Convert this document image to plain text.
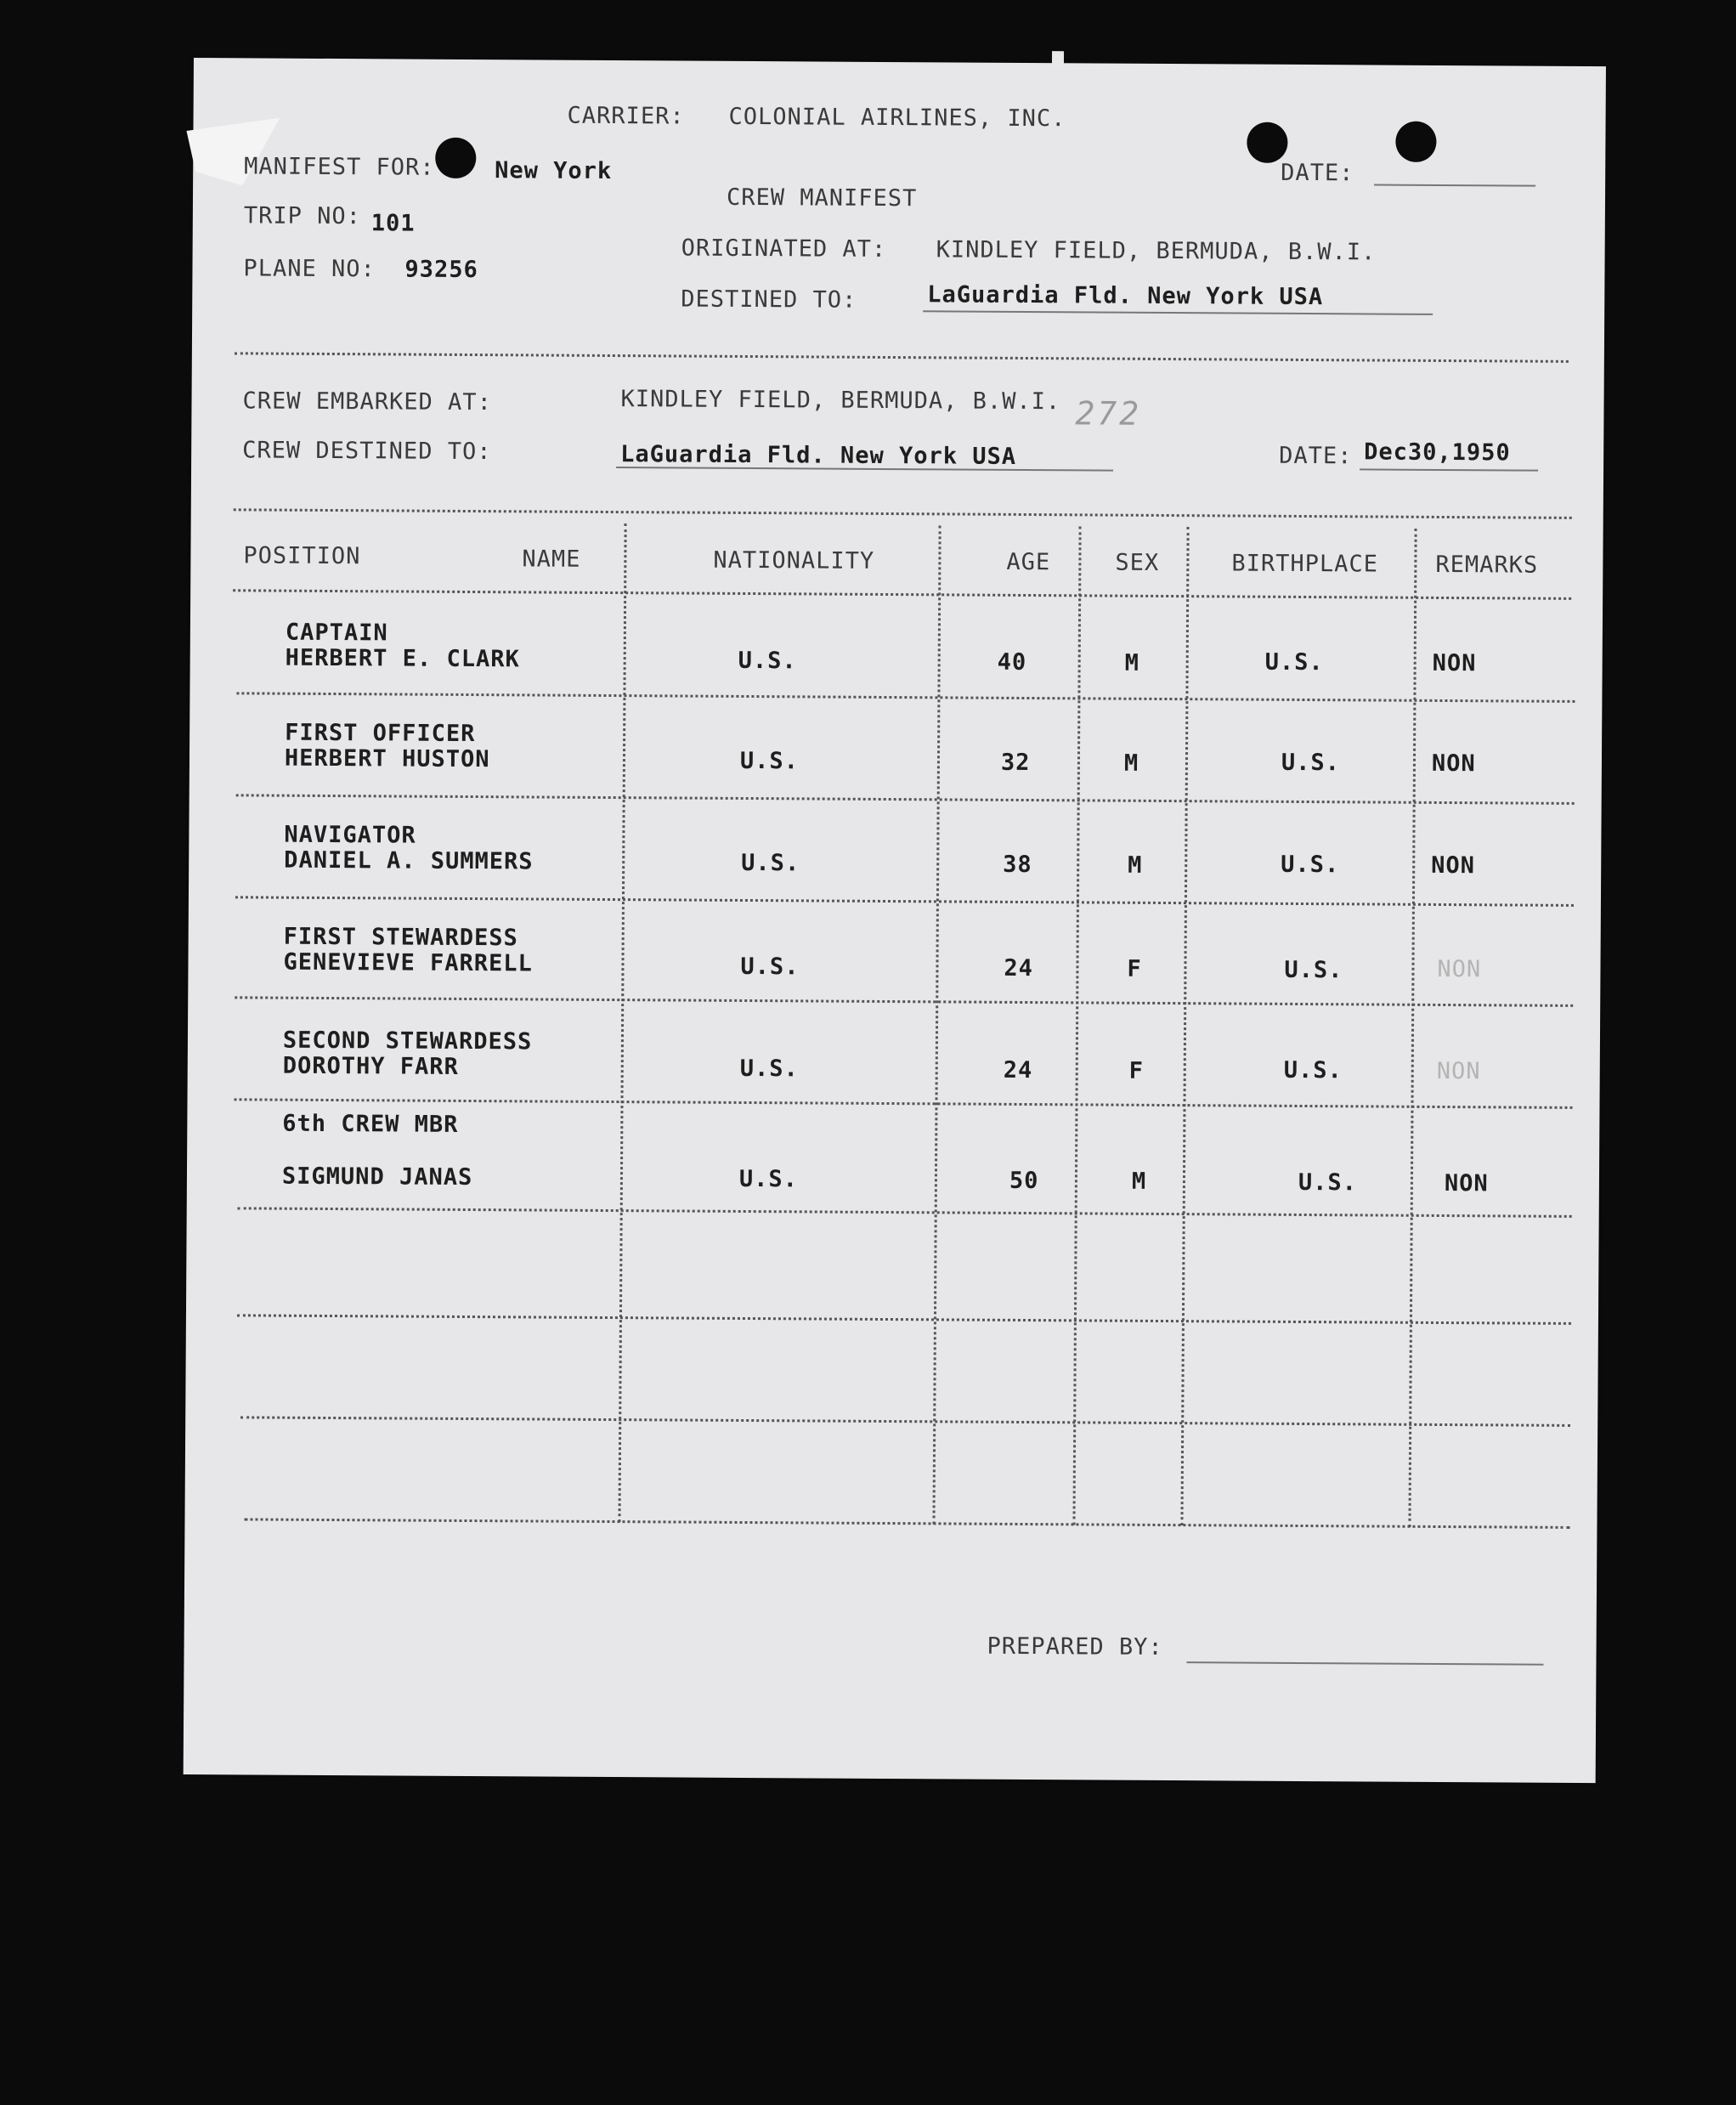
CARRIER: COLONIAL AIRLINES, INC.
MANIFEST FOR:	New York	DATE:
TRIP NO: 101
CREW MANIFEST
PLANE NO: 93256
ORIGINATED AT: KINDLEY FIELD, BERMUDA, B.W.I.
DESTINED TO:	LaGuardia Fld. New York USA
CREW EMBARKED AT:	KINDLEY FIELD, BERMUDA, B.W.I. 272
CREW DESTINED TO:	LaGuardia Fld. New York USA	DATE: Dec30,1950
POSITION	NAME	NATIONALITY	AGE	SEX	BIRTHPLACE REMARKS
CAPTAIN
HERBERT E. CLARK	U.S.	40	M	U.S.	NON
FIRST OFFICER
HERBERT HUSTON	U.S.	32	M	U.S.	NON
NAVIGATOR
DANIEL A. SUMMERS	U.S.	38	M	U.S.	NON
FIRST STEWARDESS
GENEVIEVE FARRELL	U.S.	24	F	U.S.	NON
SECOND STEWARDESS
DOROTHY FARR	U.S.	24	F	U.S.	NON
6th CREW MBR
SIGMUND JANAS	U.S.	50	M	U.S.	NON
PREPARED BY:
